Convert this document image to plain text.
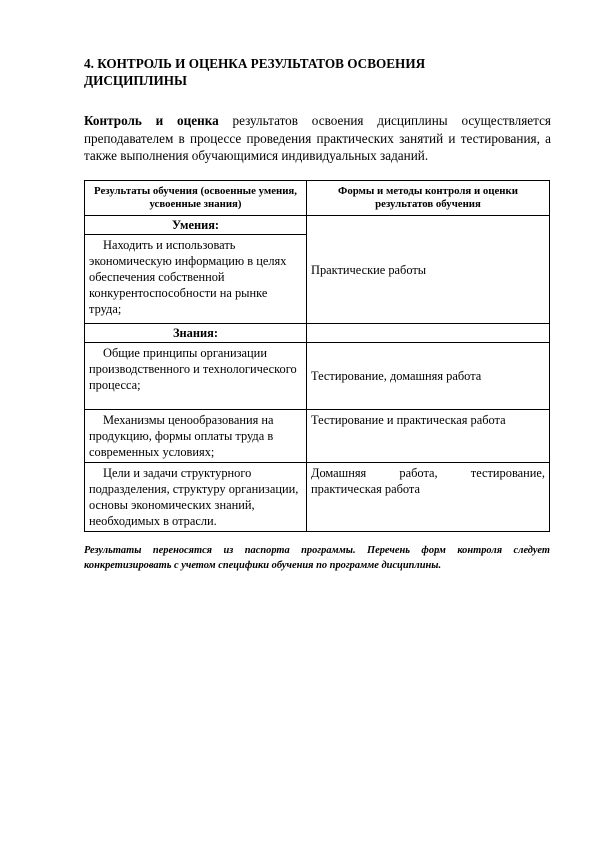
4. КОНТРОЛЬ И ОЦЕНКА РЕЗУЛЬТАТОВ ОСВОЕНИЯ ДИСЦИПЛИНЫ

Контроль и оценка результатов освоения дисциплины осуществляется преподавателем в процессе проведения практических занятий и тестирования, а также выполнения обучающимися индивидуальных заданий.

Результаты обучения (освоенные умения, усвоенные знания)	Формы и методы контроля и оценки результатов обучения
Умения:	Практические работы
Находить и использовать экономическую информацию в целях обеспечения собственной конкурентоспособности на рынке труда;	
Знания:	
Общие принципы организации производственного и технологического процесса;	Тестирование, домашняя работа
Механизмы ценообразования на продукцию, формы оплаты труда в современных условиях;	Тестирование и практическая работа
Цели и задачи структурного подразделения, структуру организации, основы экономических знаний, необходимых в отрасли.	Домашняя работа, тестирование, практическая работа
Результаты переносятся из паспорта программы. Перечень форм контроля следует конкретизировать с учетом специфики обучения по программе дисциплины.
